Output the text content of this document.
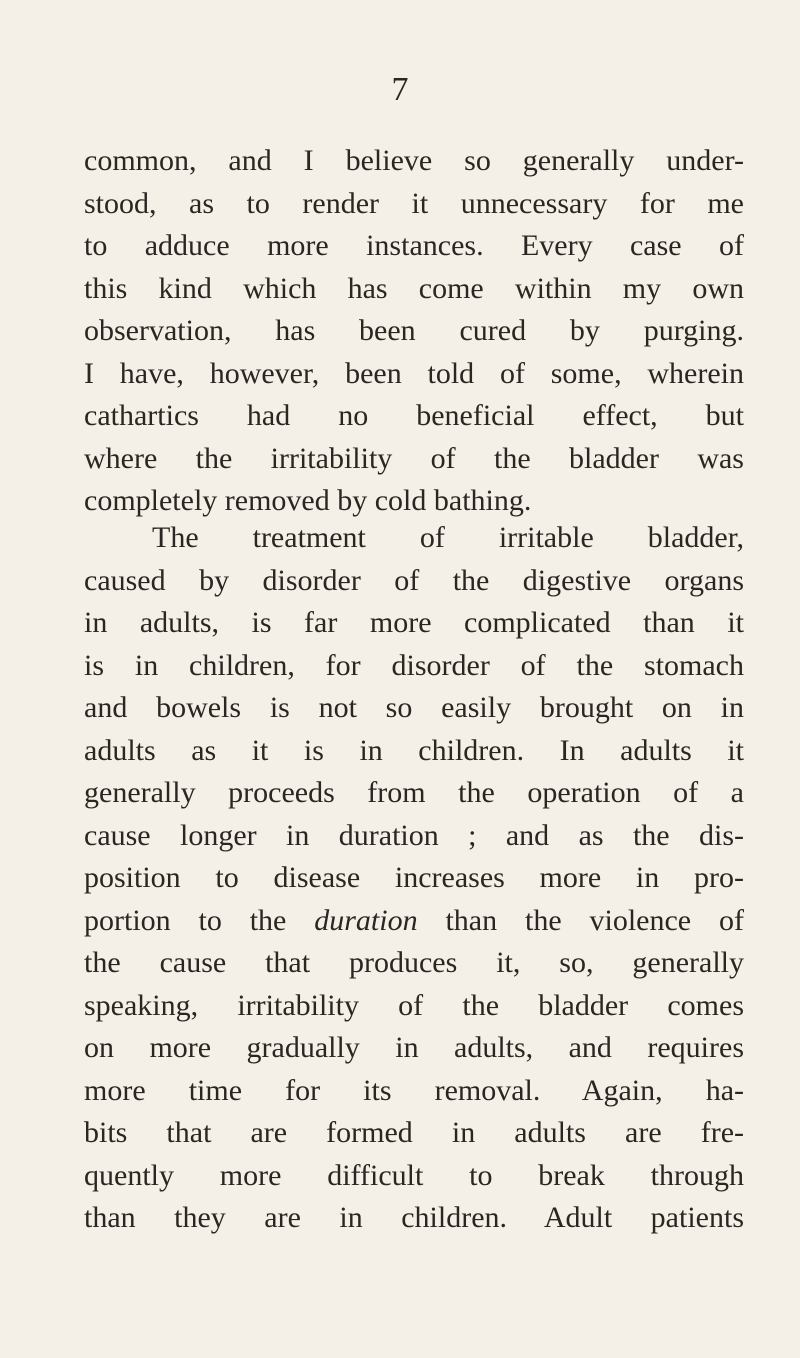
7
common, and I believe so generally under-
stood, as to render it unnecessary for me
to adduce more instances. Every case of
this kind which has come within my own
observation, has been cured by purging.
I have, however, been told of some, wherein
cathartics had no beneficial effect, but
where the irritability of the bladder was
completely removed by cold bathing.
The treatment of irritable bladder,
caused by disorder of the digestive organs
in adults, is far more complicated than it
is in children, for disorder of the stomach
and bowels is not so easily brought on in
adults as it is in children. In adults it
generally proceeds from the operation of a
cause longer in duration ; and as the dis-
position to disease increases more in pro-
portion to the duration than the violence of
the cause that produces it, so, generally
speaking, irritability of the bladder comes
on more gradually in adults, and requires
more time for its removal. Again, ha-
bits that are formed in adults are fre-
quently more difficult to break through
than they are in children. Adult patients
